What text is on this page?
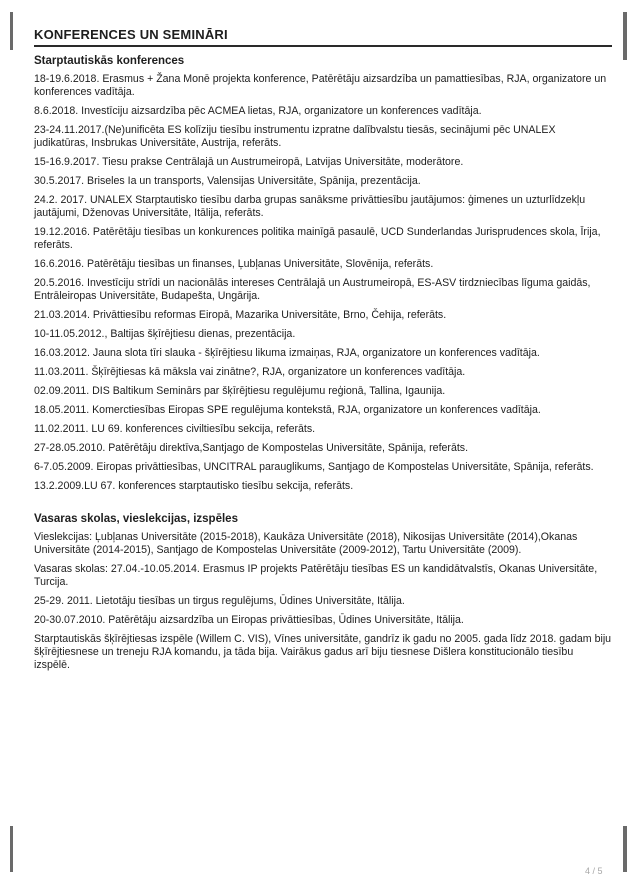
KONFERENCES UN SEMINĀRI
Starptautiskās konferences

18-19.6.2018. Erasmus + Žana Monē projekta konference, Patērētāju aizsardzība un pamattiesības, RJA, organizatore un konferences vadītāja.

8.6.2018. Investīciju aizsardzība pēc ACMEA lietas, RJA, organizatore un konferences vadītāja.

23-24.11.2017.(Ne)unificēta ES kolīziju tiesību instrumentu izpratne dalībvalstu tiesās, secinājumi pēc UNALEX judikatūras, Insbrukas Universitāte, Austrija, referāts.

15-16.9.2017. Tiesu prakse Centrālajā un Austrumeiropā, Latvijas Universitāte, moderātore.

30.5.2017. Briseles Ia un transports, Valensijas Universitāte, Spānija, prezentācija.

24.2. 2017. UNALEX Starptautisko tiesību darba grupas sanāksme privāttiesību jautājumos: ģimenes un uzturlīdzekļu jautājumi, Dženovas Universitāte, Itālija, referāts.

19.12.2016. Patērētāju tiesības un konkurences politika mainīgā pasaulē, UCD Sunderlandas Jurisprudences skola, Īrija, referāts.

16.6.2016. Patērētāju tiesības un finanses, Ļubļanas Universitāte, Slovēnija, referāts.

20.5.2016. Investīciju strīdi un nacionālās intereses Centrālajā un Austrumeiropā, ES-ASV tirdzniecības līguma gaidās, Entrāleiropas Universitāte, Budapešta, Ungārija.

21.03.2014. Privāttiesību reformas Eiropā, Mazarika Universitāte, Brno, Čehija, referāts.

10-11.05.2012., Baltijas šķīrējtiesu dienas, prezentācija.

16.03.2012. Jauna slota tīri slauka - šķīrējtiesu likuma izmaiņas, RJA, organizatore un konferences vadītāja.

11.03.2011. Šķīrējtiesas kā māksla vai zinātne?, RJA, organizatore un konferences vadītāja.

02.09.2011. DIS Baltikum Seminārs par šķīrējtiesu regulējumu reģionā, Tallina, Igaunija.

18.05.2011. Komerctiesības Eiropas SPE regulējuma kontekstā, RJA, organizatore un konferences vadītāja.

11.02.2011. LU 69. konferences civiltiesību sekcija, referāts.

27-28.05.2010. Patērētāju direktīva,Santjago de Kompostelas Universitāte, Spānija, referāts.

6-7.05.2009. Eiropas privāttiesības, UNCITRAL parauglikums, Santjago de Kompostelas Universitāte, Spānija, referāts.

13.2.2009.LU 67. konferences starptautisko tiesību sekcija, referāts.

Vasaras skolas, vieslekcijas, izspēles

Vieslekcijas: Ļubļanas Universitāte (2015-2018), Kaukāza Universitāte (2018), Nikosijas Universitāte (2014),Okanas Universitāte (2014-2015), Santjago de Kompostelas Universitāte (2009-2012), Tartu Universitāte (2009).

Vasaras skolas: 27.04.-10.05.2014. Erasmus IP projekts Patērētāju tiesības ES un kandidātvalstīs, Okanas Universitāte, Turcija.

25-29. 2011. Lietotāju tiesības un tirgus regulējums, Ūdines Universitāte, Itālija.

20-30.07.2010. Patērētāju aizsardzība un Eiropas privāttiesības, Ūdines Universitāte, Itālija.

Starptautiskās šķīrējtiesas izspēle (Willem C. VIS), Vīnes universitāte, gandrīz ik gadu no 2005. gada līdz 2018. gadam biju šķīrējtiesnese un treneju RJA komandu, ja tāda bija. Vairākus gadus arī biju tiesnese Dišlera konstitucionālo tiesību izspēlē.

4 / 5
